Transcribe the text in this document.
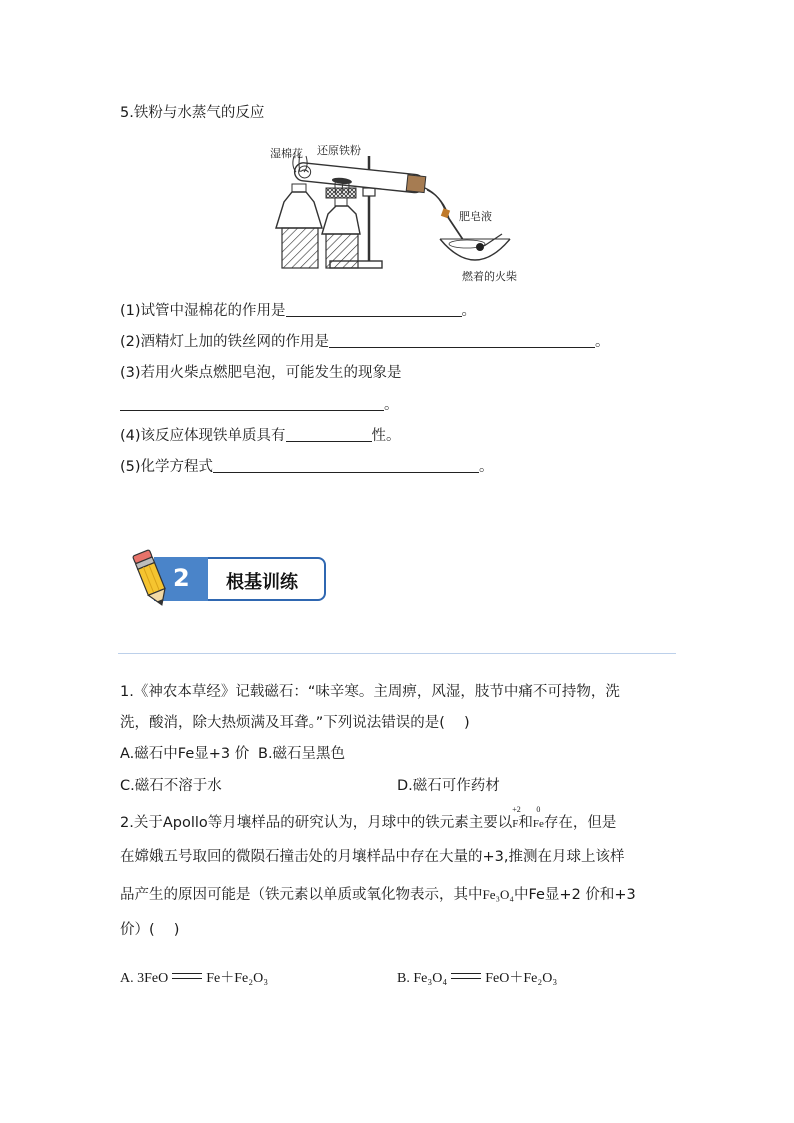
5.铁粉与水蒸气的反应
湿棉花 还原铁粉
肥皂液
燃着的火柴
(1)试管中湿棉花的作用是	。
(2)酒精灯上加的铁丝网的作用是	。
(3)若用火柴点燃肥皂泡，可能发生的现象是
。
(4)该反应体现铁单质具有	性。
(5)化学方程式	。
2 根基训练
1.《神农本草经》记载磁石：“味辛寒。主周痹，风湿，肢节中痛不可持物，洗
洗，酸消，除大热烦满及耳聋。”下列说法错误的是(　 )
A.磁石中Fe显+3 价 B.磁石呈黑色
C.磁石不溶于水	D.磁石可作药材
2.关于Apollo等月壤样品的研究认为，月球中的铁元素主要以
+2
F和
0
Fe存在，但是
在嫦娥五号取回的微陨石撞击处的月壤样品中存在大量的+3,推测在月球上该样
品产生的原因可能是（铁元素以单质或氧化物表示，其中Fe₃O₄中Fe显+2 价和+3
价）(　 )
A. 3FeO	Fe＋Fe₂O₃	B. Fe₃O₄	FeO＋Fe₂O₃
